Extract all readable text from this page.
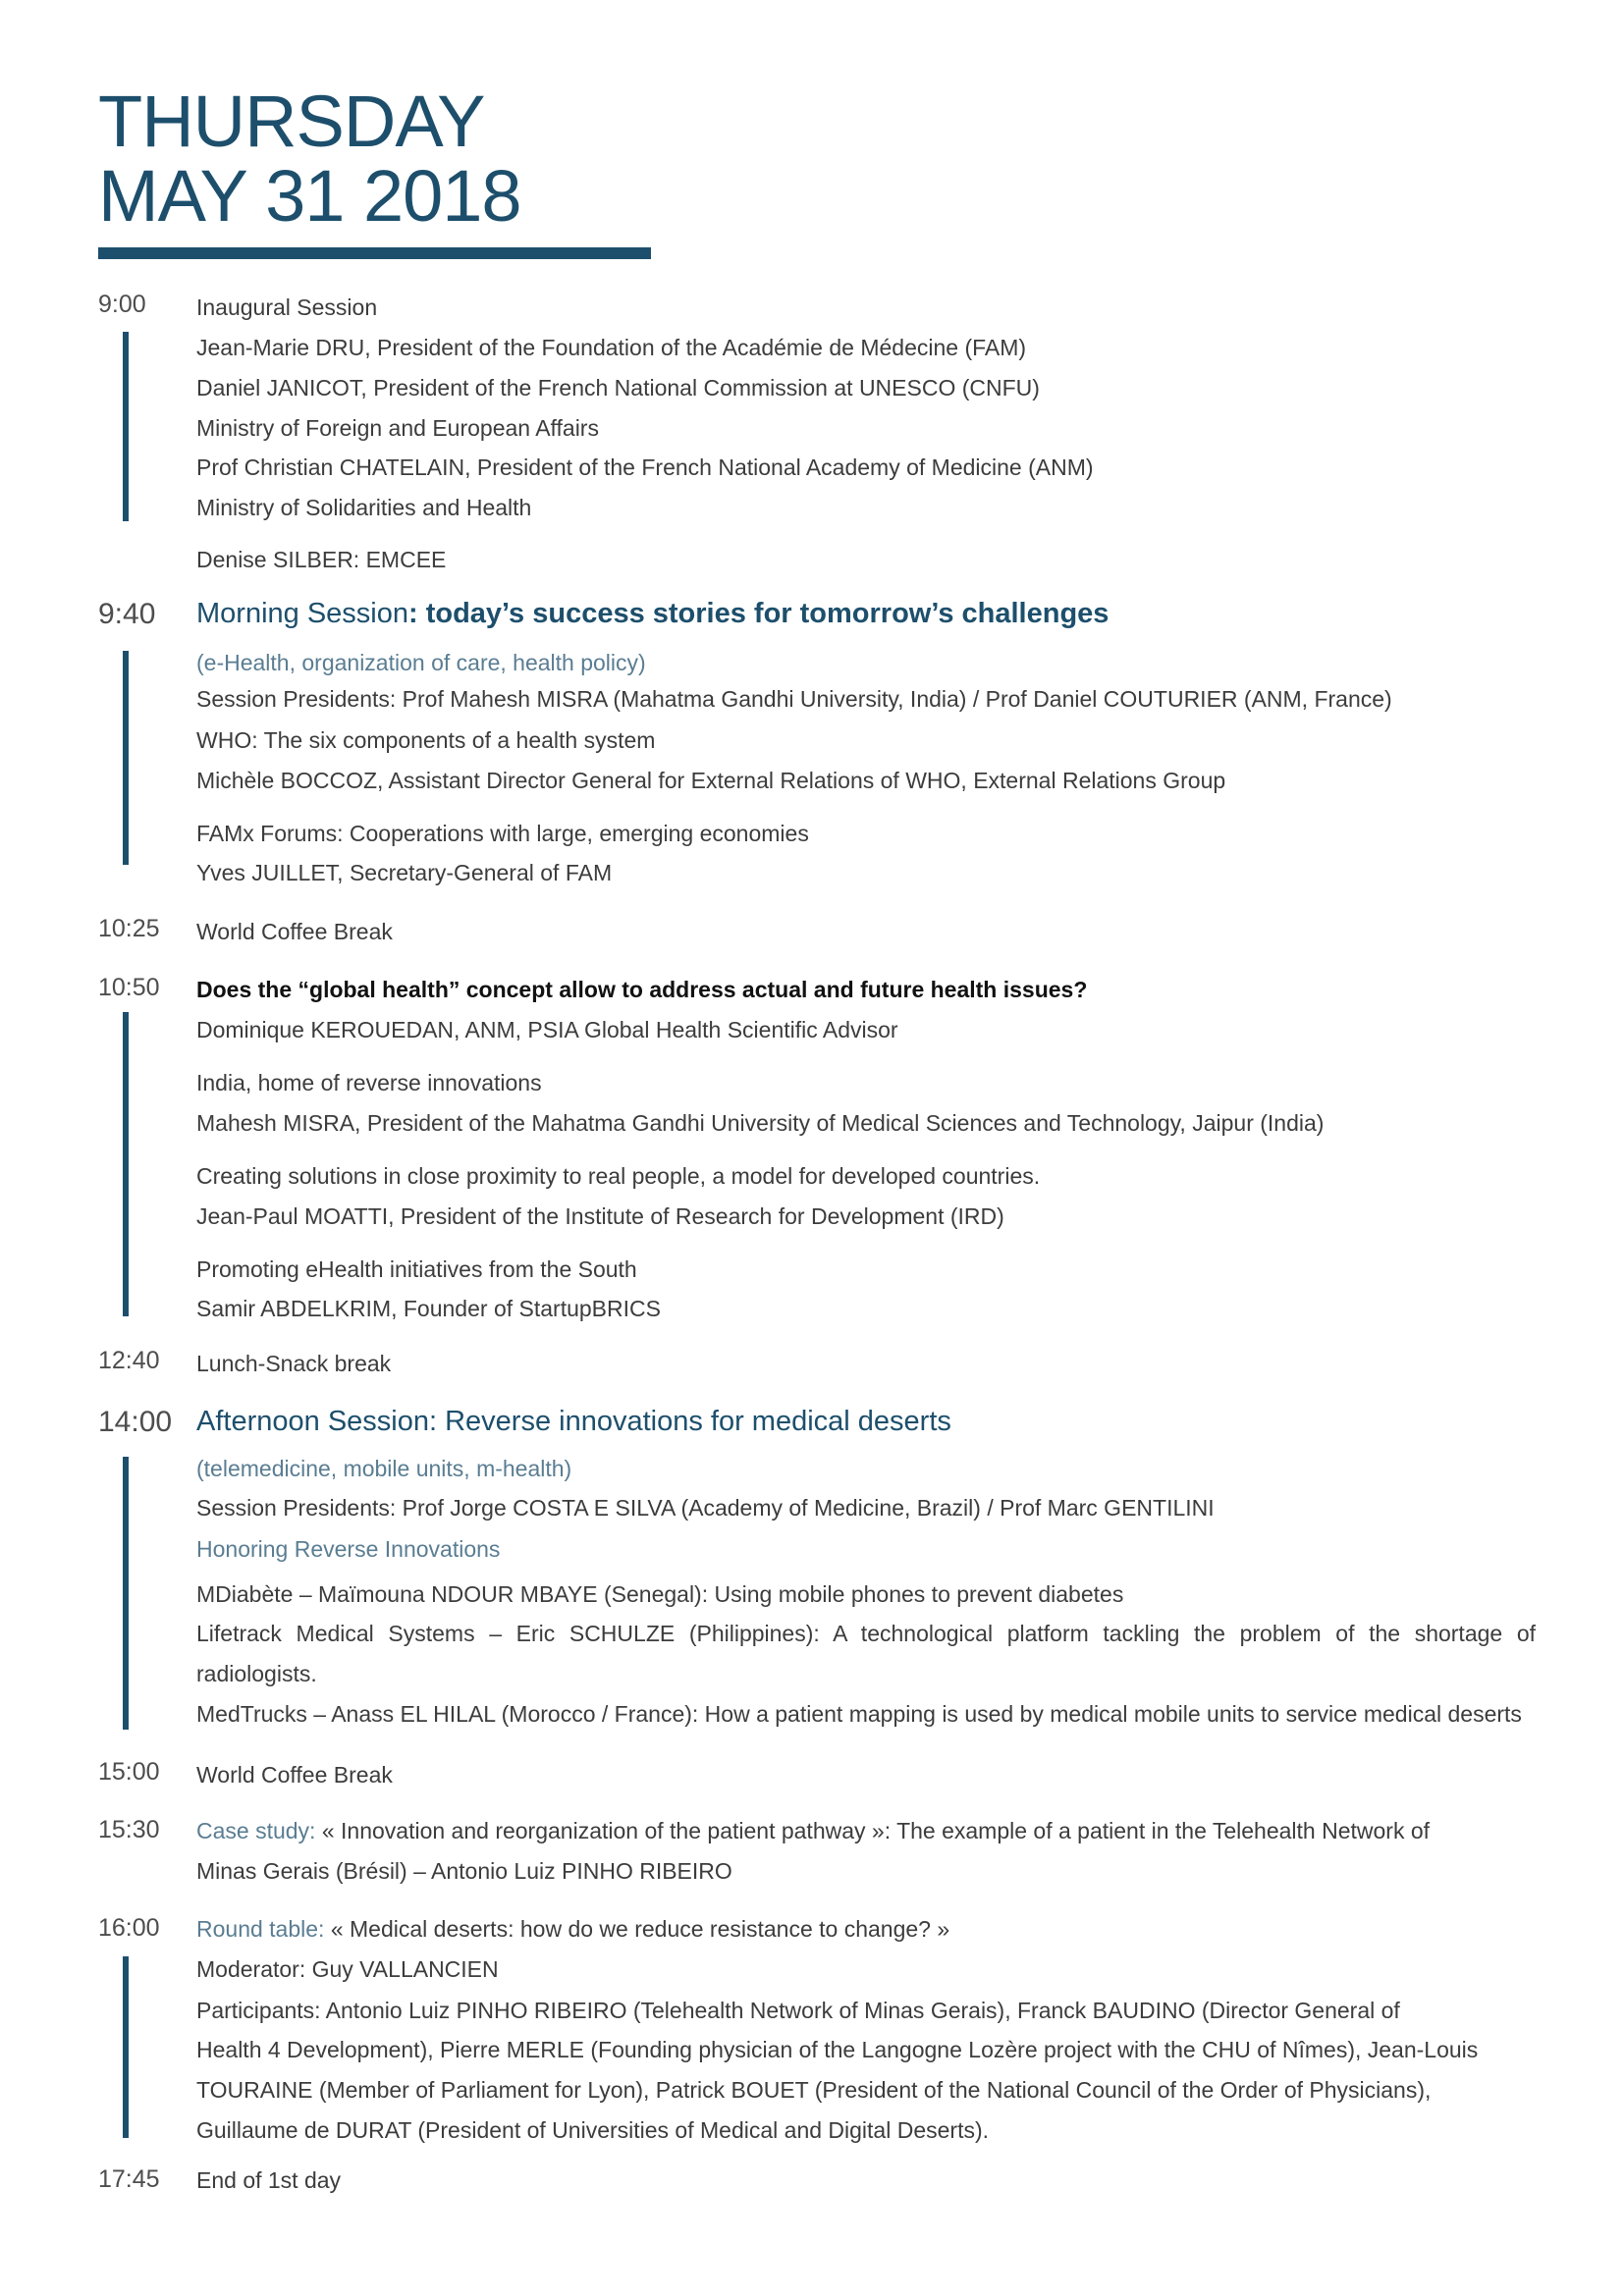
THURSDAY
MAY 31 2018
9:00 Inaugural Session
Jean-Marie DRU, President of the Foundation of the Académie de Médecine (FAM)
Daniel JANICOT, President of the French National Commission at UNESCO (CNFU)
Ministry of Foreign and European Affairs
Prof Christian CHATELAIN, President of the French National Academy of Medicine (ANM)
Ministry of Solidarities and Health
Denise SILBER: EMCEE
9:40 Morning Session: today’s success stories for tomorrow’s challenges
(e-Health, organization of care, health policy)
Session Presidents: Prof Mahesh MISRA (Mahatma Gandhi University, India) / Prof Daniel COUTURIER (ANM, France)
WHO: The six components of a health system
Michèle BOCCOZ, Assistant Director General for External Relations of WHO, External Relations Group
FAMx Forums: Cooperations with large, emerging economies
Yves JUILLET, Secretary-General of FAM
10:25 World Coffee Break
10:50 Does the “global health” concept allow to address actual and future health issues?
Dominique KEROUEDAN, ANM, PSIA Global Health Scientific Advisor
India, home of reverse innovations
Mahesh MISRA, President of the Mahatma Gandhi University of Medical Sciences and Technology, Jaipur (India)
Creating solutions in close proximity to real people, a model for developed countries.
Jean-Paul MOATTI, President of the Institute of Research for Development (IRD)
Promoting eHealth initiatives from the South
Samir ABDELKRIM, Founder of StartupBRICS
12:40 Lunch-Snack break
14:00 Afternoon Session: Reverse innovations for medical deserts
(telemedicine, mobile units, m-health)
Session Presidents: Prof Jorge COSTA E SILVA (Academy of Medicine, Brazil) / Prof Marc GENTILINI
Honoring Reverse Innovations
MDiabète – Maïmouna NDOUR MBAYE (Senegal): Using mobile phones to prevent diabetes
Lifetrack Medical Systems – Eric SCHULZE (Philippines): A technological platform tackling the problem of the shortage of
radiologists.
MedTrucks – Anass EL HILAL (Morocco / France): How a patient mapping is used by medical mobile units to service medical deserts
15:00 World Coffee Break
15:30 Case study: « Innovation and reorganization of the patient pathway »: The example of a patient in the Telehealth Network of
Minas Gerais (Brésil) – Antonio Luiz PINHO RIBEIRO
16:00 Round table: « Medical deserts: how do we reduce resistance to change? »
Moderator: Guy VALLANCIEN
Participants: Antonio Luiz PINHO RIBEIRO (Telehealth Network of Minas Gerais), Franck BAUDINO (Director General of
Health 4 Development), Pierre MERLE (Founding physician of the Langogne Lozère project with the CHU of Nîmes), Jean-Louis
TOURAINE (Member of Parliament for Lyon), Patrick BOUET (President of the National Council of the Order of Physicians),
Guillaume de DURAT (President of Universities of Medical and Digital Deserts).
17:45 End of 1st day
